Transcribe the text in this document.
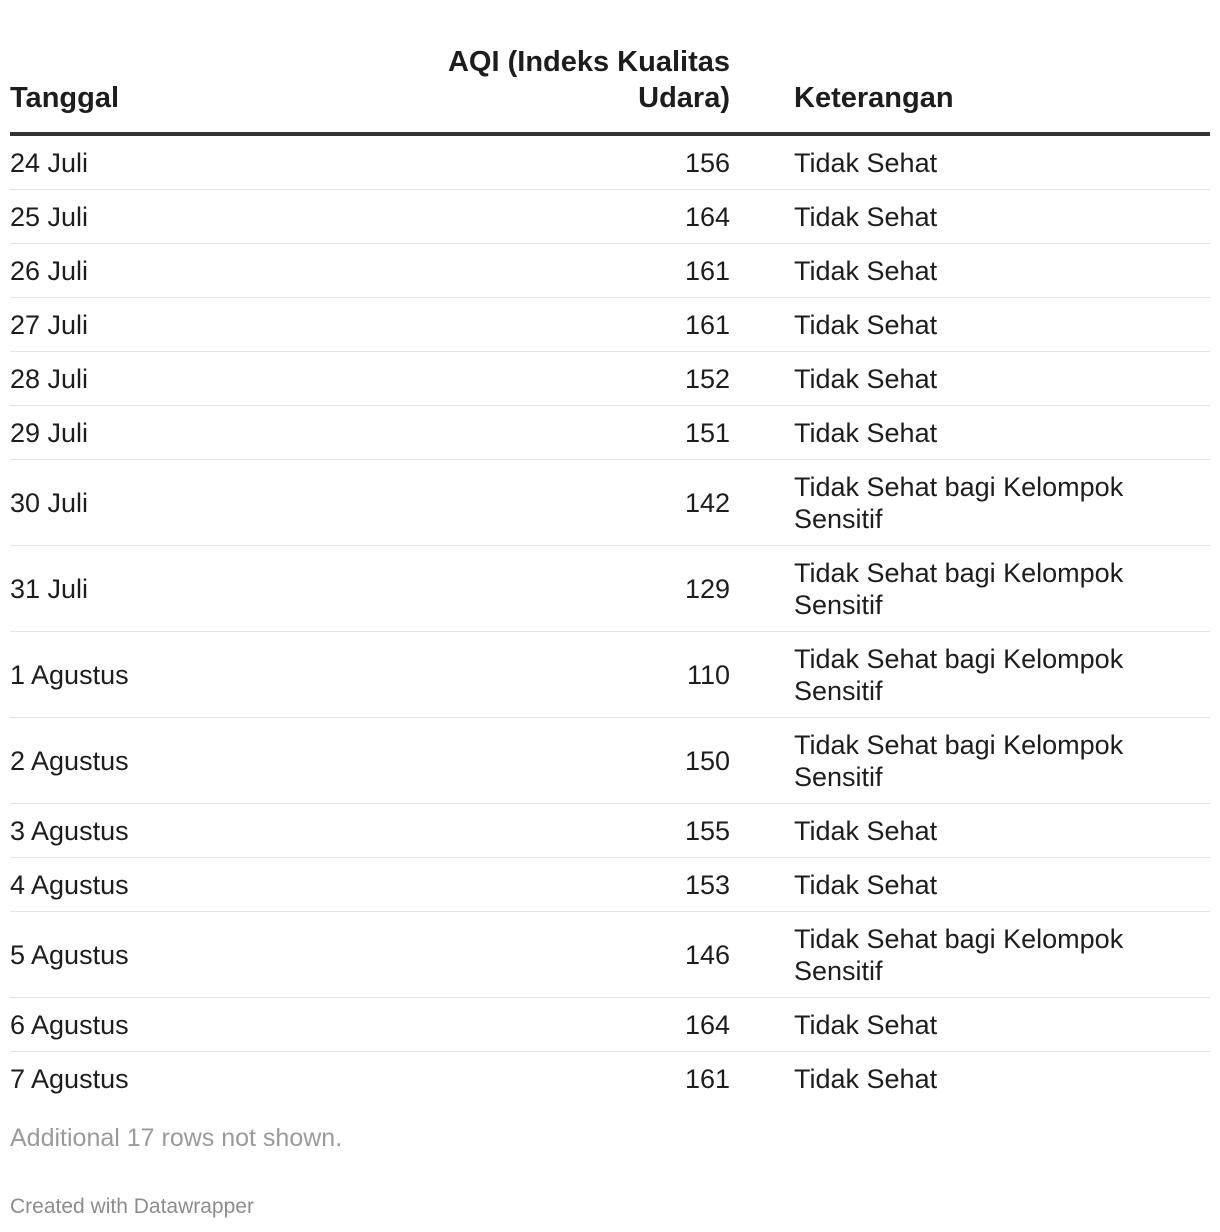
Tanggal	AQI (Indeks Kualitas Udara)	Keterangan
24 Juli	156	Tidak Sehat
25 Juli	164	Tidak Sehat
26 Juli	161	Tidak Sehat
27 Juli	161	Tidak Sehat
28 Juli	152	Tidak Sehat
29 Juli	151	Tidak Sehat
30 Juli	142	Tidak Sehat bagi Kelompok Sensitif
31 Juli	129	Tidak Sehat bagi Kelompok Sensitif
1 Agustus	110	Tidak Sehat bagi Kelompok Sensitif
2 Agustus	150	Tidak Sehat bagi Kelompok Sensitif
3 Agustus	155	Tidak Sehat
4 Agustus	153	Tidak Sehat
5 Agustus	146	Tidak Sehat bagi Kelompok Sensitif
6 Agustus	164	Tidak Sehat
7 Agustus	161	Tidak Sehat
Additional 17 rows not shown.
Created with Datawrapper
